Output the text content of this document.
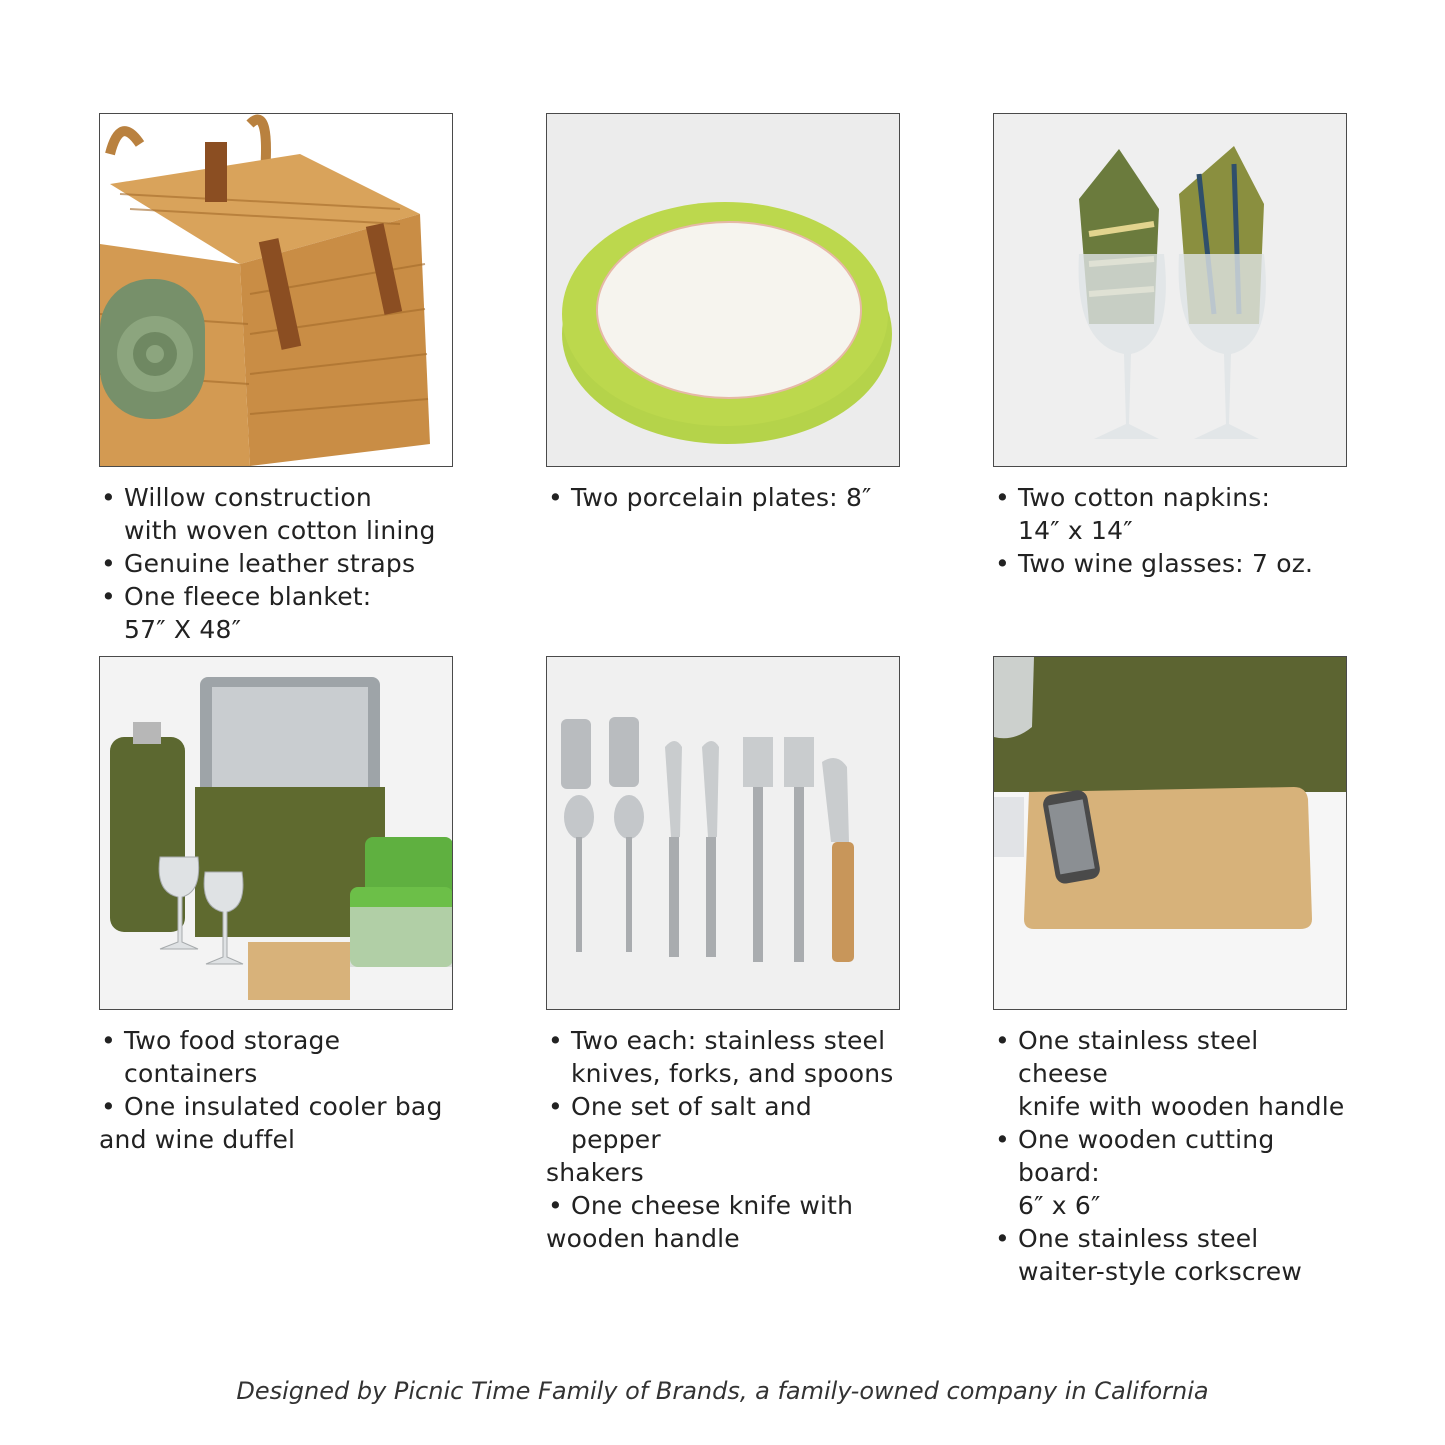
• Willow construction
with woven cotton lining
• Genuine leather straps
• One fleece blanket:
57″ X 48″
• Two porcelain plates: 8″
•	Two cotton napkins:
14″ x 14″
• Two wine glasses: 7 oz.
• Two food storage containers
• One insulated cooler bag
and wine duffel
• Two each: stainless steel
knives, forks, and spoons
• One set of salt and pepper
shakers
• One cheese knife with
wooden handle
• One stainless steel cheese
knife with wooden handle
• One wooden cutting board:
6″ x 6″
• One stainless steel
waiter-style corkscrew
Designed by Picnic Time Family of Brands, a family-owned company in California
